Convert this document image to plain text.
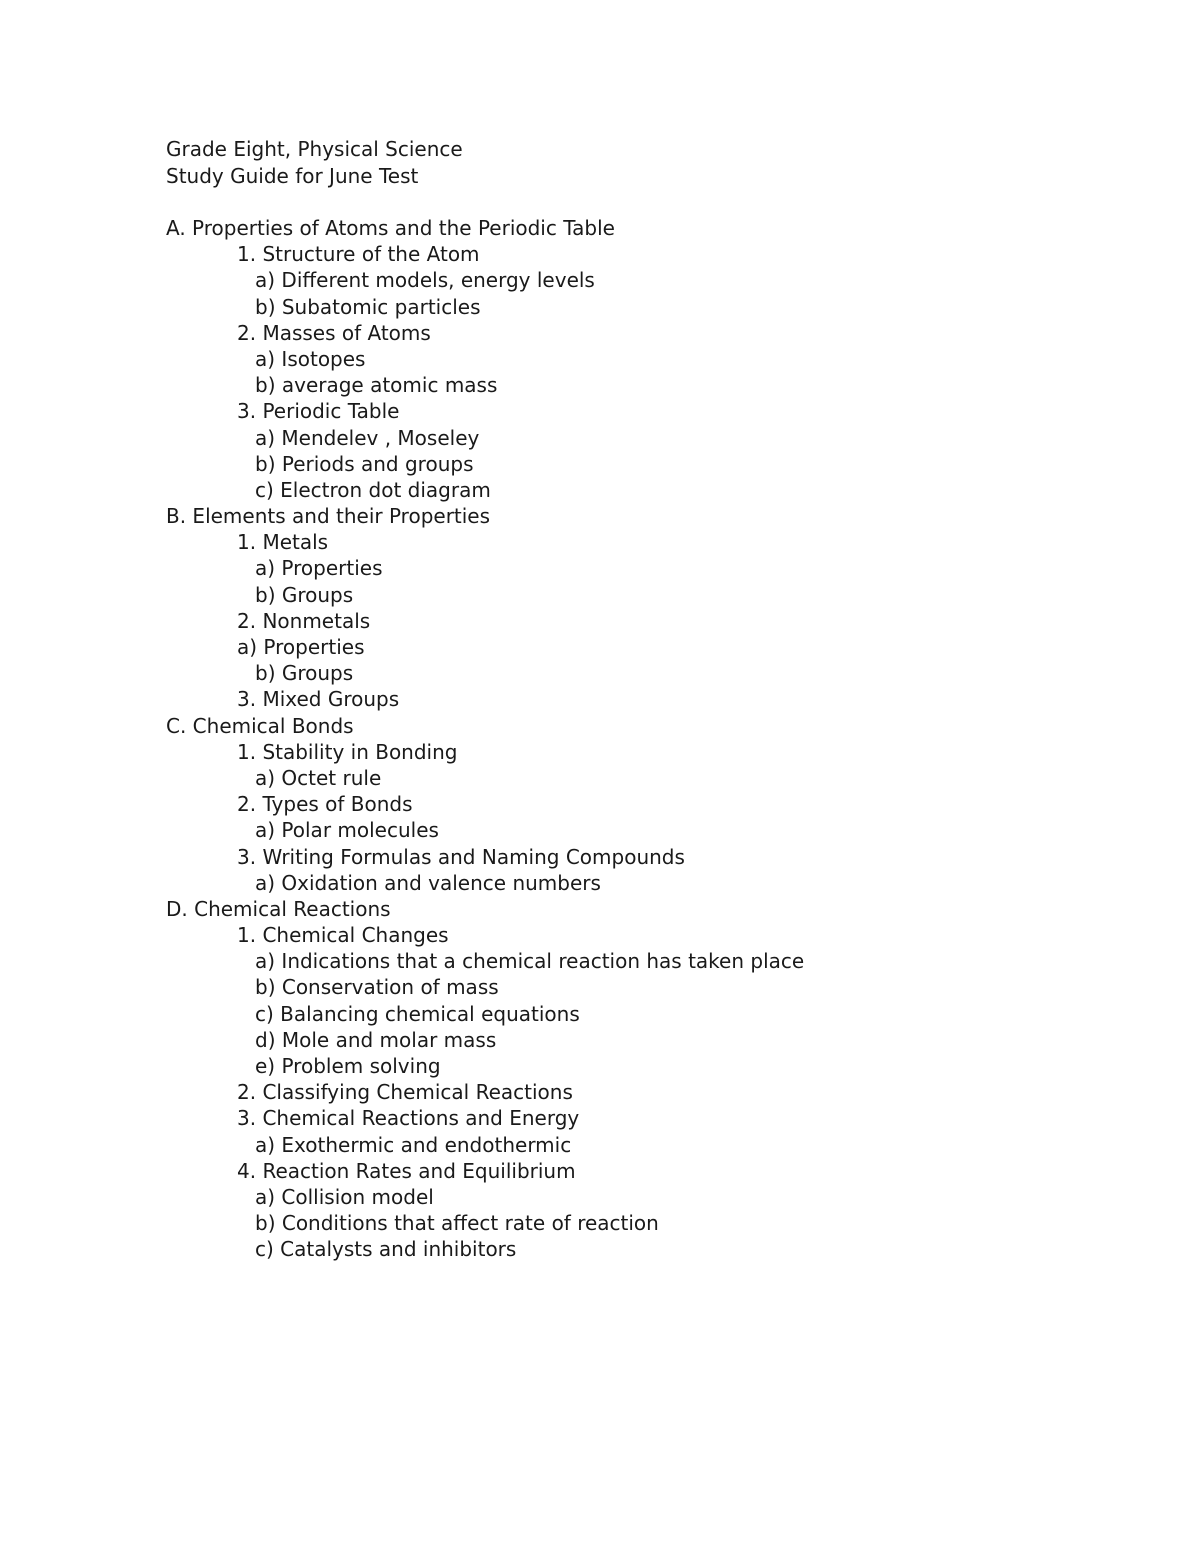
Grade Eight, Physical Science
Study Guide for June Test
A. Properties of Atoms and the Periodic Table
1. Structure of the Atom
a) Different models, energy levels
b) Subatomic particles
2. Masses of Atoms
a) Isotopes
b) average atomic mass
3. Periodic Table
a) Mendelev , Moseley
b) Periods and groups
c) Electron dot diagram
B. Elements and their Properties
1. Metals
a) Properties
b) Groups
2. Nonmetals
a) Properties
b) Groups
3. Mixed Groups
C. Chemical Bonds
1. Stability in Bonding
a) Octet rule
2. Types of Bonds
a) Polar molecules
3. Writing Formulas and Naming Compounds
a) Oxidation and valence numbers
D. Chemical Reactions
1. Chemical Changes
a) Indications that a chemical reaction has taken place
b) Conservation of mass
c) Balancing chemical equations
d) Mole and molar mass
e) Problem solving
2. Classifying Chemical Reactions
3. Chemical Reactions and Energy
a) Exothermic and endothermic
4. Reaction Rates and Equilibrium
a) Collision model
b) Conditions that affect rate of reaction
c) Catalysts and inhibitors
